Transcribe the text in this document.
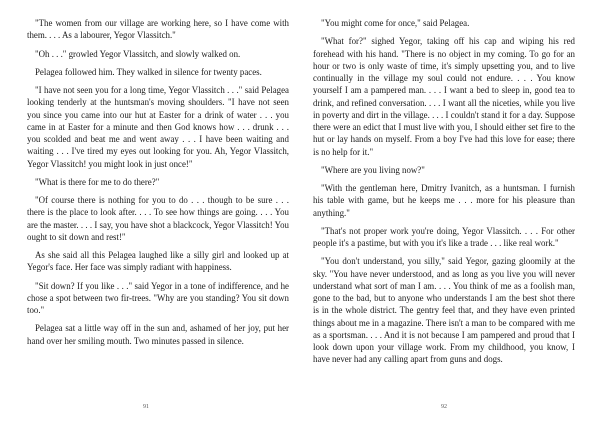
"The women from our village are working here, so I have come with them. . . . As a labourer, Yegor Vlassitch."

"Oh . . ." growled Yegor Vlassitch, and slowly walked on.

Pelagea followed him. They walked in silence for twenty paces.

"I have not seen you for a long time, Yegor Vlassitch . . ." said Pelagea looking tenderly at the huntsman's moving shoulders. "I have not seen you since you came into our hut at Easter for a drink of water . . . you came in at Easter for a minute and then God knows how . . . drunk . . . you scolded and beat me and went away . . . I have been waiting and waiting . . . I've tired my eyes out looking for you. Ah, Yegor Vlassitch, Yegor Vlassitch! you might look in just once!"

"What is there for me to do there?"

"Of course there is nothing for you to do . . . though to be sure . . . there is the place to look after. . . . To see how things are going. . . . You are the master. . . . I say, you have shot a blackcock, Yegor Vlassitch! You ought to sit down and rest!"

As she said all this Pelagea laughed like a silly girl and looked up at Yegor's face. Her face was simply radiant with happiness.

"Sit down? If you like . . ." said Yegor in a tone of indifference, and he chose a spot between two fir-trees. "Why are you standing? You sit down too."

Pelagea sat a little way off in the sun and, ashamed of her joy, put her hand over her smiling mouth. Two minutes passed in silence.

91

"You might come for once," said Pelagea.

"What for?" sighed Yegor, taking off his cap and wiping his red forehead with his hand. "There is no object in my coming. To go for an hour or two is only waste of time, it's simply upsetting you, and to live continually in the village my soul could not endure. . . . You know yourself I am a pampered man. . . . I want a bed to sleep in, good tea to drink, and refined conversation. . . . I want all the niceties, while you live in poverty and dirt in the village. . . . I couldn't stand it for a day. Suppose there were an edict that I must live with you, I should either set fire to the hut or lay hands on myself. From a boy I've had this love for ease; there is no help for it."

"Where are you living now?"

"With the gentleman here, Dmitry Ivanitch, as a huntsman. I furnish his table with game, but he keeps me . . . more for his pleasure than anything."

"That's not proper work you're doing, Yegor Vlassitch. . . . For other people it's a pastime, but with you it's like a trade . . . like real work."

"You don't understand, you silly," said Yegor, gazing gloomily at the sky. "You have never understood, and as long as you live you will never understand what sort of man I am. . . . You think of me as a foolish man, gone to the bad, but to anyone who understands I am the best shot there is in the whole district. The gentry feel that, and they have even printed things about me in a magazine. There isn't a man to be compared with me as a sportsman. . . . And it is not because I am pampered and proud that I look down upon your village work. From my childhood, you know, I have never had any calling apart from guns and dogs.

92
